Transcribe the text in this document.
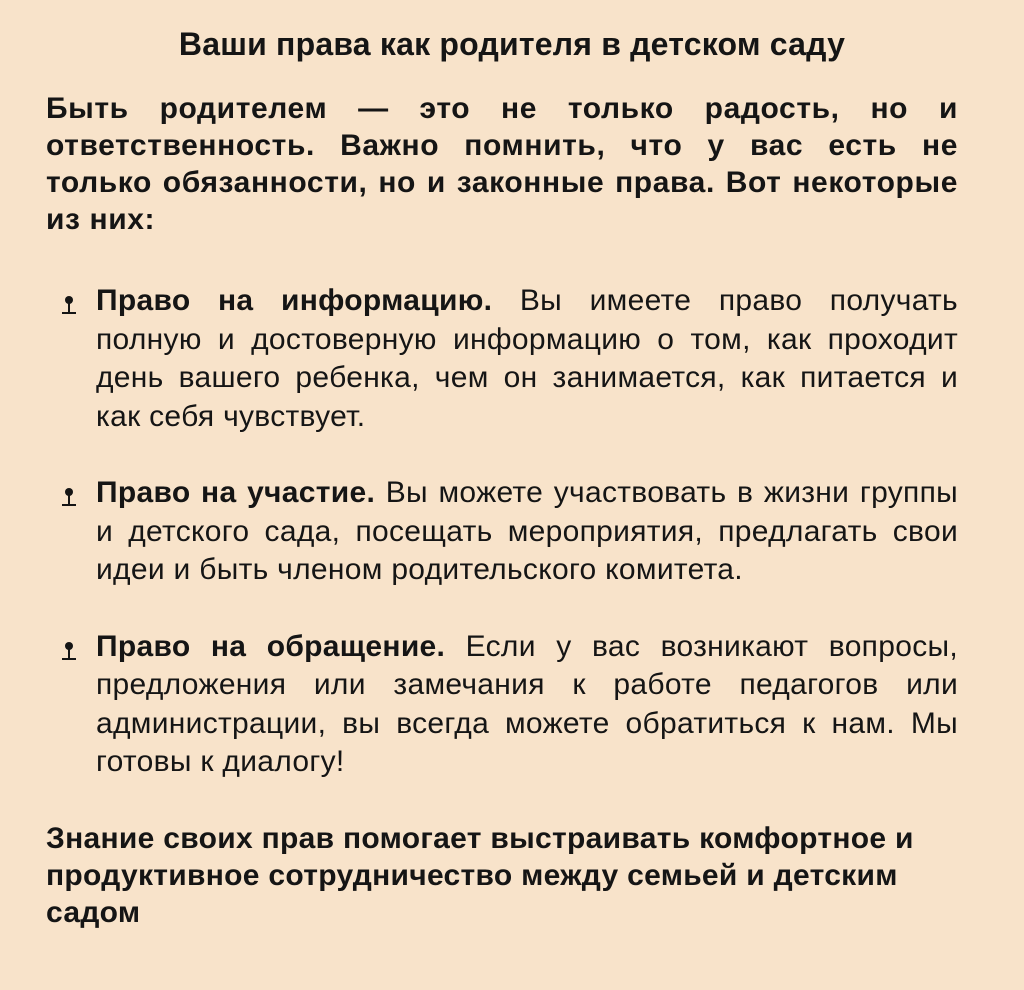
Ваши права как родителя в детском саду

Быть родителем — это не только радость, но и ответственность. Важно помнить, что у вас есть не только обязанности, но и законные права. Вот некоторые из них:

Право на информацию. Вы имеете право получать полную и достоверную информацию о том, как проходит день вашего ребенка, чем он занимается, как питается и как себя чувствует.
Право на участие. Вы можете участвовать в жизни группы и детского сада, посещать мероприятия, предлагать свои идеи и быть членом родительского комитета.
Право на обращение. Если у вас возникают вопросы, предложения или замечания к работе педагогов или администрации, вы всегда можете обратиться к нам. Мы готовы к диалогу!

Знание своих прав помогает выстраивать комфортное и продуктивное сотрудничество между семьей и детским садом
